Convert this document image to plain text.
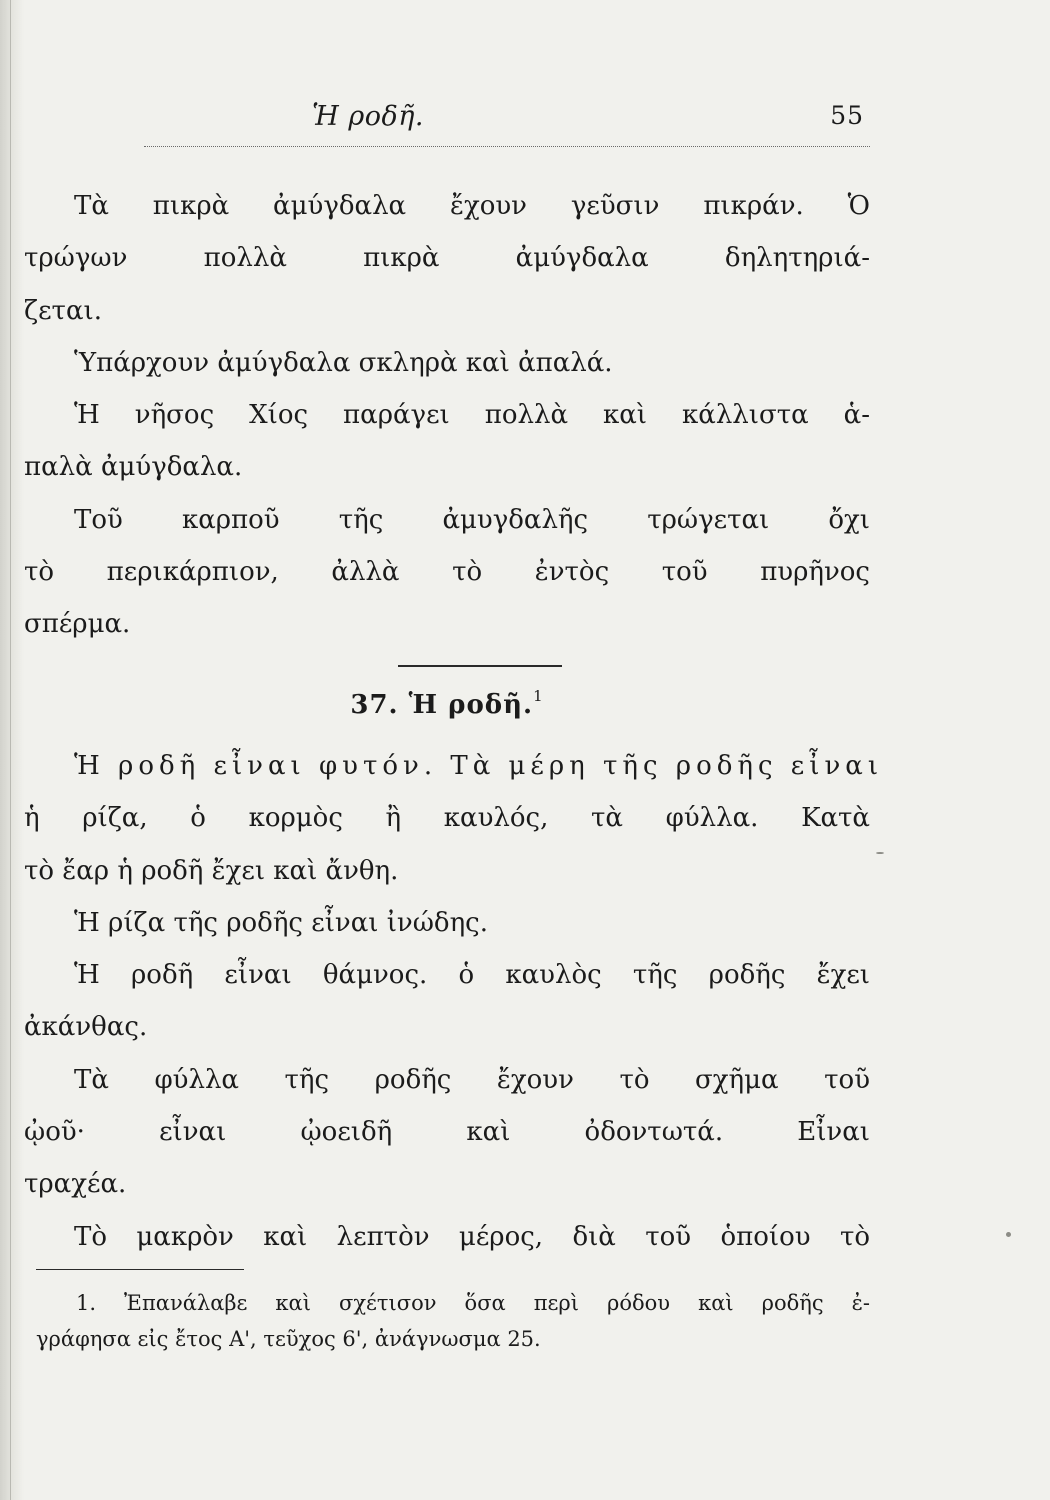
Ἡ ροδῆ.	55
Τὰ πικρὰ ἀμύγδαλα ἔχουν γεῦσιν πικράν. Ὁ
τρώγων πολλὰ πικρὰ ἀμύγδαλα δηλητηριά-
ζεται.
Ὑπάρχουν ἀμύγδαλα σκληρὰ καὶ ἀπαλά.
Ἡ νῆσος Χίος παράγει πολλὰ καὶ κάλλιστα ἁ-
παλὰ ἀμύγδαλα.
Τοῦ καρποῦ τῆς ἀμυγδαλῆς τρώγεται ὄχι
τὸ περικάρπιον, ἀλλὰ τὸ ἐντὸς τοῦ πυρῆνος
σπέρμα.
37. Ἡ ροδῆ.$^1$
Ἡ ροδῆ εἶναι φυτόν. Τὰ μέρη τῆς ροδῆς εἶναι
ἡ ρίζα, ὁ κορμὸς ἢ καυλός, τὰ φύλλα. Κατὰ
τὸ ἔαρ ἡ ροδῆ ἔχει καὶ ἄνθη.
Ἡ ρίζα τῆς ροδῆς εἶναι ἰνώδης.
Ἡ ροδῆ εἶναι θάμνος. ὁ καυλὸς τῆς ροδῆς ἔχει
ἀκάνθας.
Τὰ φύλλα τῆς ροδῆς ἔχουν τὸ σχῆμα τοῦ
ᾠοῦ· εἶναι ᾠοειδῆ καὶ ὀδοντωτά. Εἶναι
τραχέα.
Τὸ μακρὸν καὶ λεπτὸν μέρος, διὰ τοῦ ὁποίου τὸ
1. Ἐπανάλαβε καὶ σχέτισον ὅσα περὶ ρόδου καὶ ροδῆς ἐ-
γράφησα εἰς ἔτος Α', τεῦχος 6', ἀνάγνωσμα 25.
